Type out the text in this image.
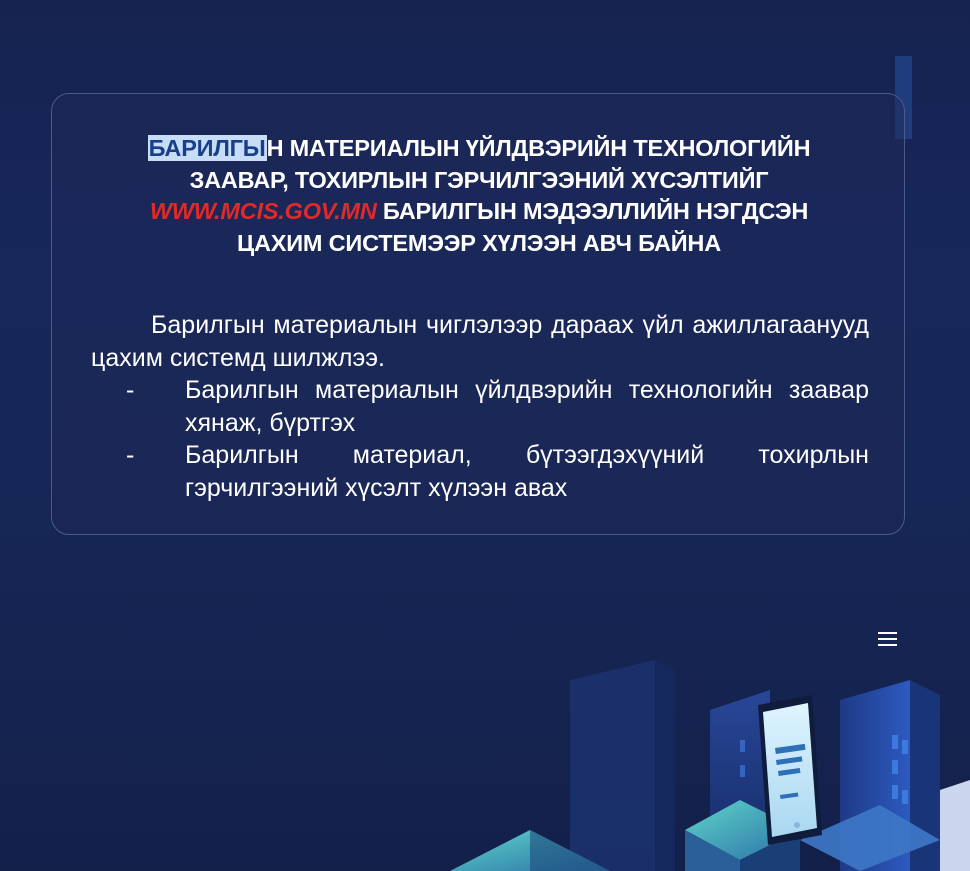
БАРИЛГЫН МАТЕРИАЛЫН ҮЙЛДВЭРИЙН ТЕХНОЛОГИЙН
ЗААВАР, ТОХИРЛЫН ГЭРЧИЛГЭЭНИЙ ХҮСЭЛТИЙГ
WWW.MCIS.GOV.MN БАРИЛГЫН МЭДЭЭЛЛИЙН НЭГДСЭН
ЦАХИМ СИСТЕМЭЭР ХҮЛЭЭН АВЧ БАЙНА

Барилгын материалын чиглэлээр дараах үйл ажиллагаанууд цахим системд шилжлээ.

- Барилгын материалын үйлдвэрийн технологийн заавар хянаж, бүртгэх
- Барилгын материал, бүтээгдэхүүний тохирлын гэрчилгээний хүсэлт хүлээн авах
